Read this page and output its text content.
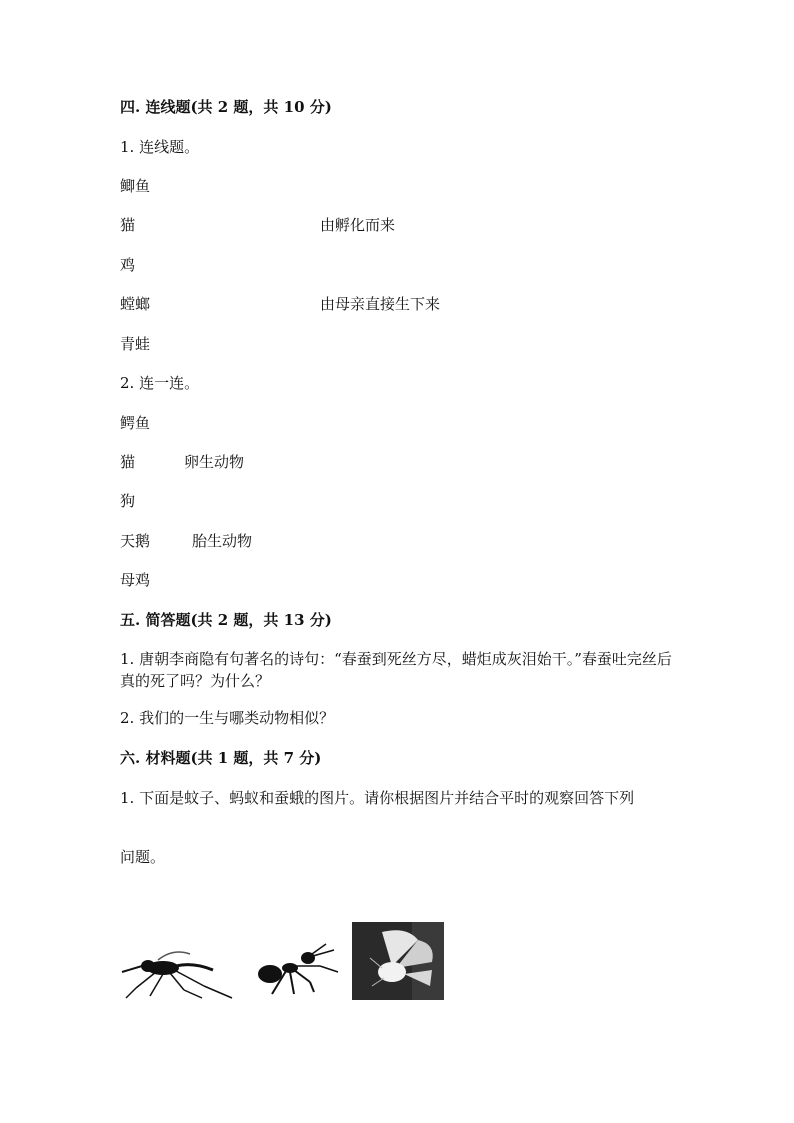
四. 连线题(共 2 题，共 10 分)
1. 连线题。
鲫鱼
猫	由孵化而来
鸡
螳螂	由母亲直接生下来
青蛙
2. 连一连。
鳄鱼
猫	卵生动物
狗
天鹅	胎生动物
母鸡
五. 简答题(共 2 题，共 13 分)
1. 唐朝李商隐有句著名的诗句：“春蚕到死丝方尽，蜡炬成灰泪始干。”春蚕吐完丝后真的死了吗？为什么？
2. 我们的一生与哪类动物相似？
六. 材料题(共 1 题，共 7 分)
1. 下面是蚊子、蚂蚁和蚕蛾的图片。请你根据图片并结合平时的观察回答下列
问题。
